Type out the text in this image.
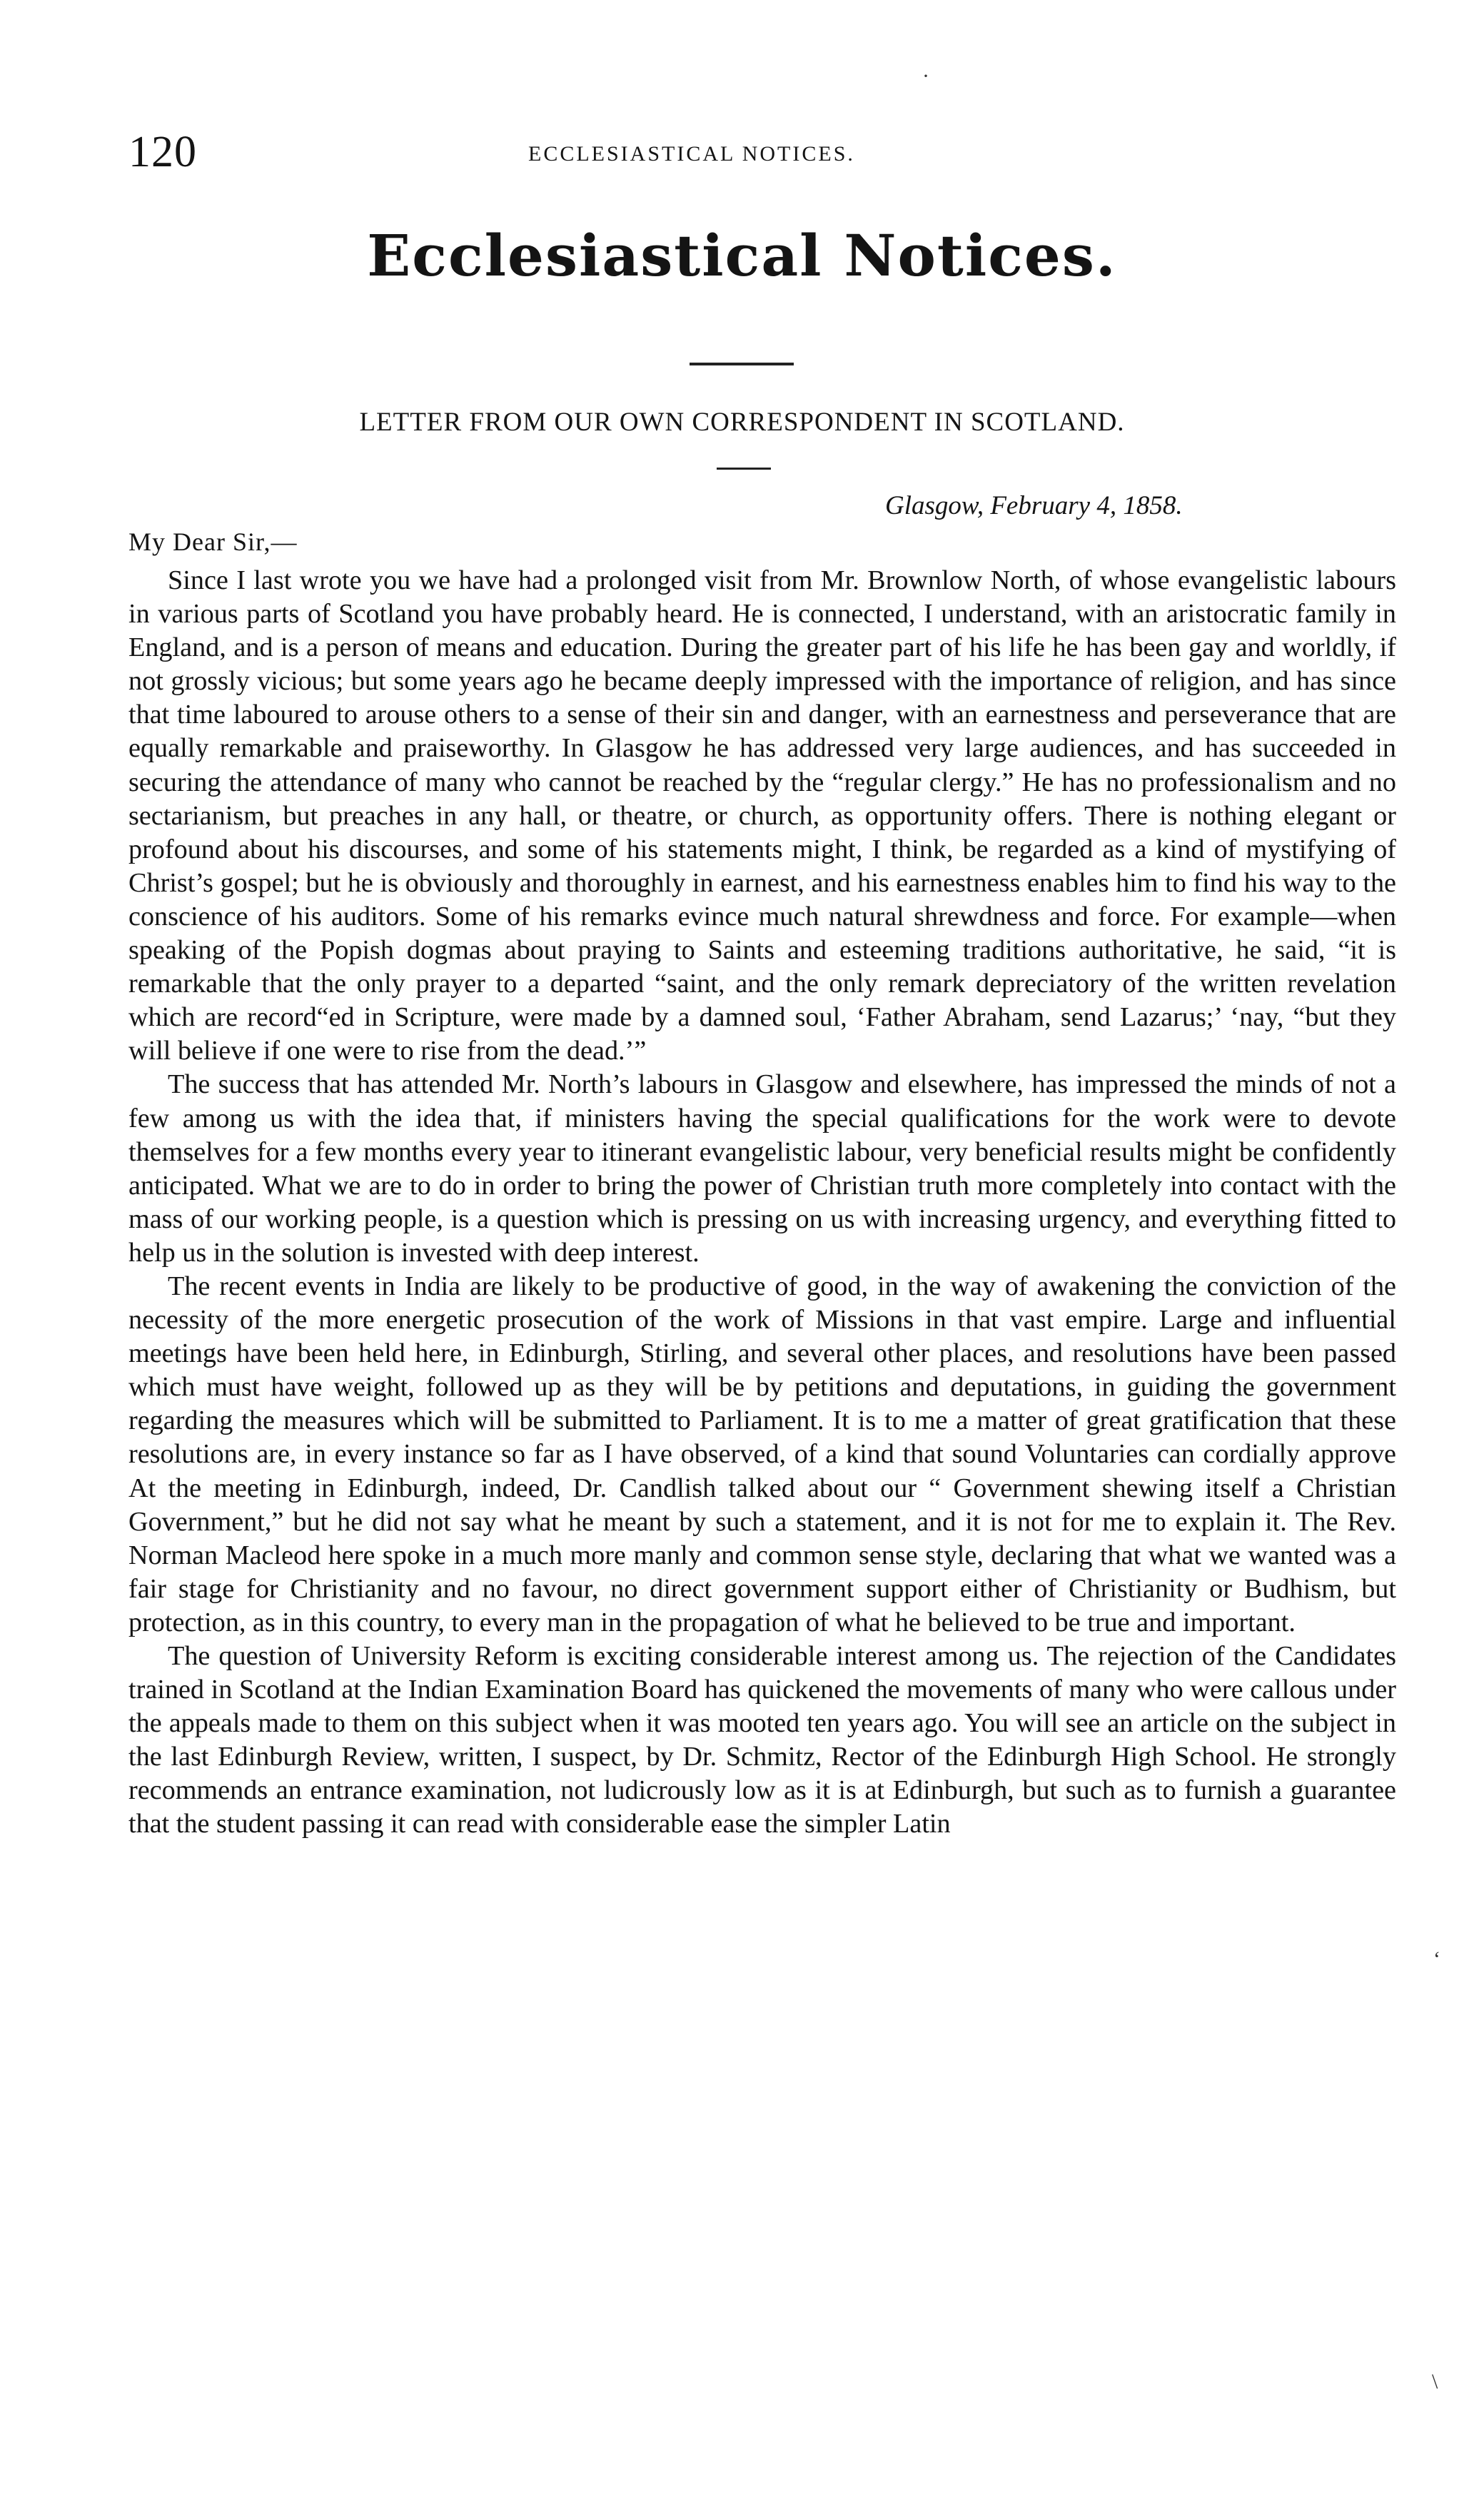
·
120	ECCLESIASTICAL NOTICES.
Ecclesiastical Notices.
LETTER FROM OUR OWN CORRESPONDENT IN SCOTLAND.
Glasgow, February 4, 1858.
My Dear Sir,—

Since I last wrote you we have had a prolonged visit from Mr. Brownlow North, of whose evangelistic labours in various parts of Scotland you have probably heard. He is connected, I understand, with an aristocratic family in England, and is a person of means and education. During the greater part of his life he has been gay and worldly, if not grossly vicious; but some years ago he became deeply impressed with the importance of religion, and has since that time laboured to arouse others to a sense of their sin and danger, with an earnestness and perseverance that are equally remarkable and praiseworthy. In Glasgow he has addressed very large audiences, and has succeeded in securing the attendance of many who cannot be reached by the “regular clergy.” He has no professionalism and no sectarianism, but preaches in any hall, or theatre, or church, as opportunity offers. There is nothing elegant or profound about his discourses, and some of his statements might, I think, be regarded as a kind of mystifying of Christ’s gospel; but he is obviously and thoroughly in earnest, and his earnestness enables him to find his way to the conscience of his auditors. Some of his remarks evince much natural shrewdness and force. For example—when speaking of the Popish dogmas about praying to Saints and esteeming traditions authoritative, he said, “it is remarkable that the only prayer to a departed “saint, and the only remark depreciatory of the written revelation which are record“ed in Scripture, were made by a damned soul, ‘Father Abraham, send Lazarus;’ ‘nay, “but they will believe if one were to rise from the dead.’”

The success that has attended Mr. North’s labours in Glasgow and elsewhere, has impressed the minds of not a few among us with the idea that, if ministers having the special qualifications for the work were to devote themselves for a few months every year to itinerant evangelistic labour, very beneficial results might be confidently anticipated. What we are to do in order to bring the power of Christian truth more completely into contact with the mass of our working people, is a question which is pressing on us with increasing urgency, and everything fitted to help us in the solution is invested with deep interest.

The recent events in India are likely to be productive of good, in the way of awakening the conviction of the necessity of the more energetic prosecution of the work of Missions in that vast empire. Large and influential meetings have been held here, in Edinburgh, Stirling, and several other places, and resolutions have been passed which must have weight, followed up as they will be by petitions and deputations, in guiding the government regarding the measures which will be submitted to Parliament. It is to me a matter of great gratification that these resolutions are, in every instance so far as I have observed, of a kind that sound Voluntaries can cordially approve At the meeting in Edinburgh, indeed, Dr. Candlish talked about our “ Government shewing itself a Christian Government,” but he did not say what he meant by such a statement, and it is not for me to explain it. The Rev. Norman Macleod here spoke in a much more manly and common sense style, declaring that what we wanted was a fair stage for Christianity and no favour, no direct government support either of Christianity or Budhism, but protection, as in this country, to every man in the propagation of what he believed to be true and important.

The question of University Reform is exciting considerable interest among us. The rejection of the Candidates trained in Scotland at the Indian Examination Board has quickened the movements of many who were callous under the appeals made to them on this subject when it was mooted ten years ago. You will see an article on the subject in the last Edinburgh Review, written, I suspect, by Dr. Schmitz, Rector of the Edinburgh High School. He strongly recommends an entrance examination, not ludicrously low as it is at Edinburgh, but such as to furnish a guarantee that the student passing it can read with considerable ease the simpler Latin

‘
\
